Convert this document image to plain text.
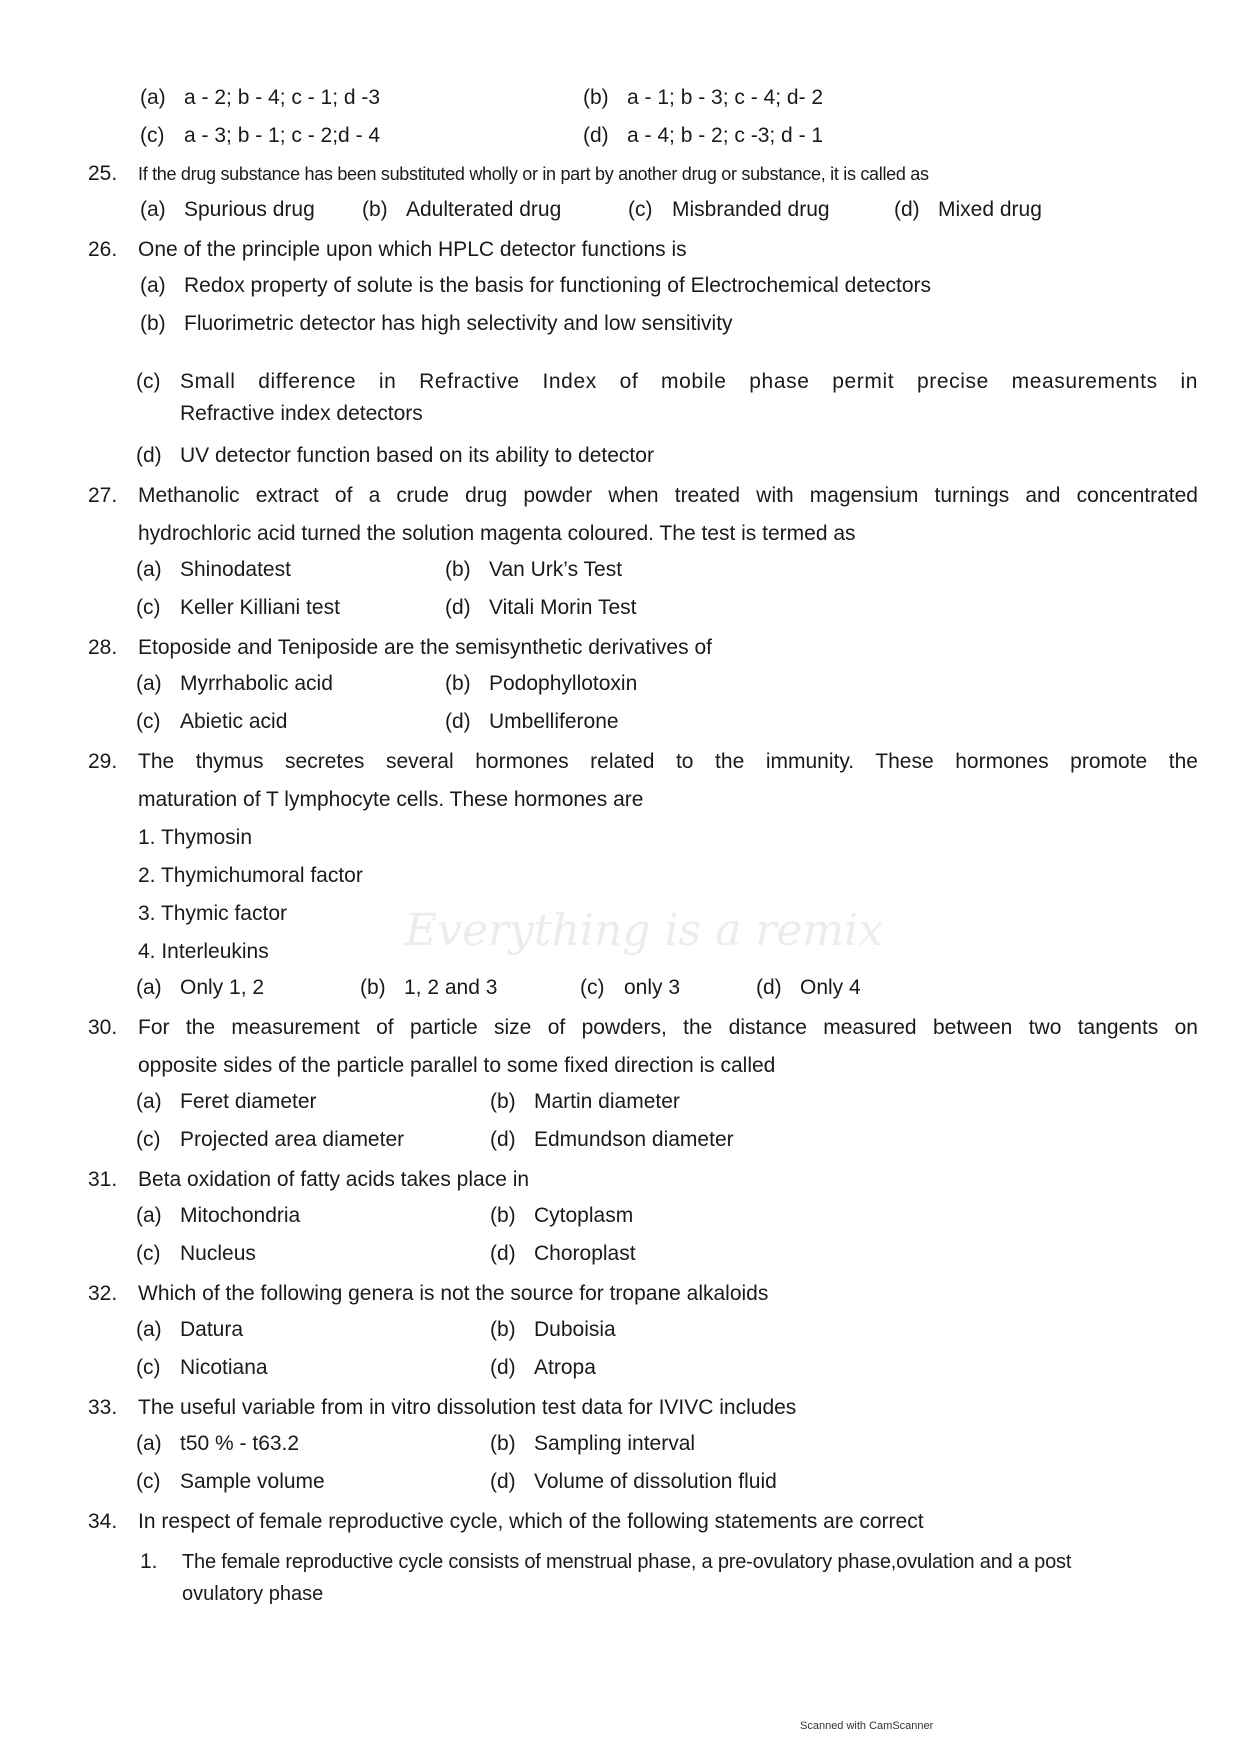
(a) a - 2; b - 4; c - 1; d -3	(b) a - 1; b - 3; c - 4; d- 2
(c) a - 3; b - 1; c - 2;d - 4	(d) a - 4; b - 2; c -3; d - 1
25.	If the drug substance has been substituted wholly or in part by another drug or substance, it is called as
(a) Spurious drug (b) Adulterated drug	(c) Misbranded drug	(d) Mixed drug
26. One of the principle upon which HPLC detector functions is
(a) Redox property of solute is the basis for functioning of Electrochemical detectors
(b) Fluorimetric detector has high selectivity and low sensitivity
(c) Small difference in Refractive Index of mobile phase permit precise measurements in
Refractive index detectors
(d) UV detector function based on its ability to detector
27. Methanolic extract of a crude drug powder when treated with magensium turnings and concentrated
hydrochloric acid turned the solution magenta coloured. The test is termed as
(a) Shinodatest	(b) Van Urk’s Test
(c) Keller Killiani test	(d) Vitali Morin Test
28. Etoposide and Teniposide are the semisynthetic derivatives of
(a) Myrrhabolic acid	(b) Podophyllotoxin
(c) Abietic acid	(d) Umbelliferone
29. The thymus secretes several hormones related to the immunity. These hormones promote the
maturation of T lymphocyte cells. These hormones are
1. Thymosin
2. Thymichumoral factor
3. Thymic factor
4. Interleukins	Everything is a remix
(a) Only 1, 2	(b) 1, 2 and 3	(c) only 3	(d) Only 4
30. For the measurement of particle size of powders, the distance measured between two tangents on
opposite sides of the particle parallel to some fixed direction is called
(a) Feret diameter	(b) Martin diameter
(c) Projected area diameter	(d) Edmundson diameter
31. Beta oxidation of fatty acids takes place in
(a) Mitochondria	(b) Cytoplasm
(c) Nucleus	(d) Choroplast
32. Which of the following genera is not the source for tropane alkaloids
(a) Datura	(b) Duboisia
(c) Nicotiana	(d) Atropa
33. The useful variable from in vitro dissolution test data for IVIVC includes
(a) t50 % - t63.2	(b) Sampling interval
(c) Sample volume	(d) Volume of dissolution fluid
34. In respect of female reproductive cycle, which of the following statements are correct
1. The female reproductive cycle consists of menstrual phase, a pre-ovulatory phase,ovulation and a post
ovulatory phase
Scanned with CamScanner
